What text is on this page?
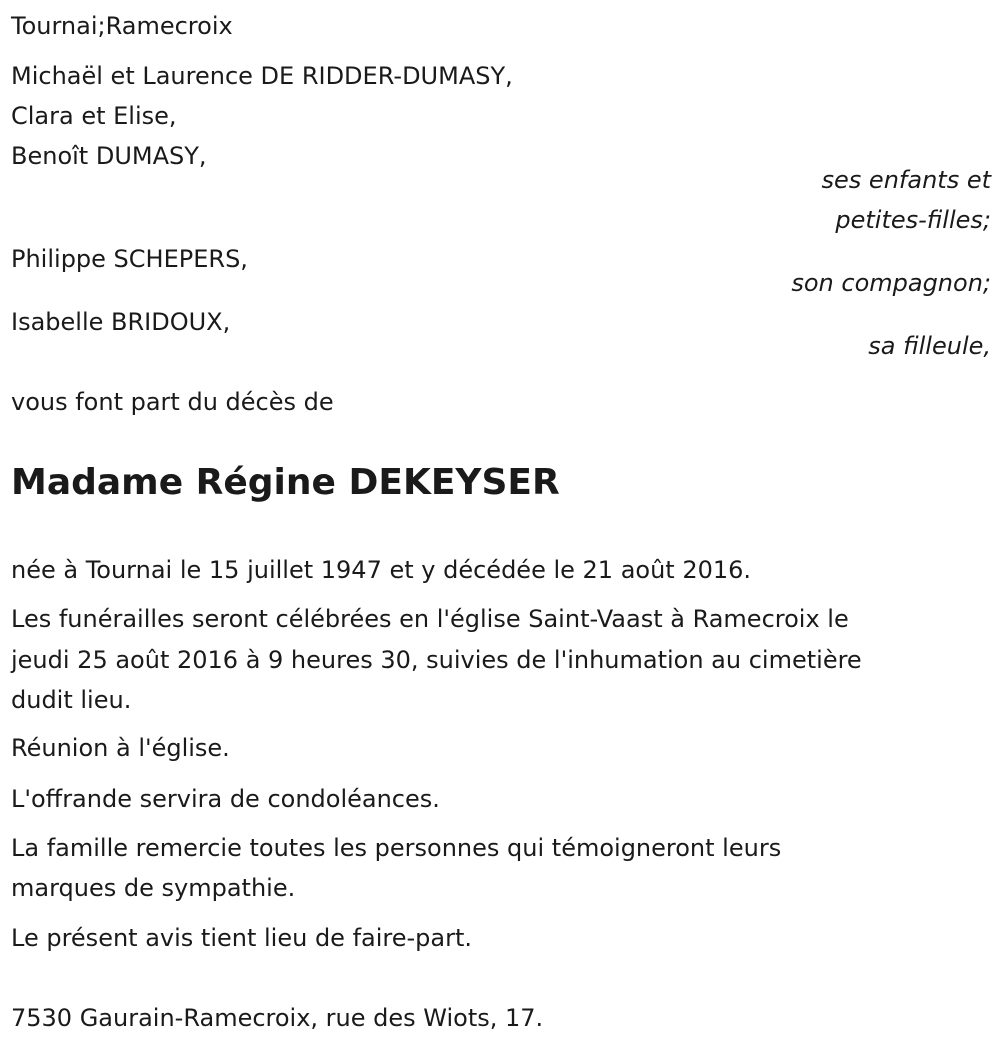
Tournai;Ramecroix
Michaël et Laurence DE RIDDER-DUMASY,
Clara et Elise,
Benoît DUMASY,
ses enfants et
petites-filles;
Philippe SCHEPERS,
son compagnon;
Isabelle BRIDOUX,
sa filleule,
vous font part du décès de
Madame Régine DEKEYSER
née à Tournai le 15 juillet 1947 et y décédée le 21 août 2016.
Les funérailles seront célébrées en l'église Saint-Vaast à Ramecroix le
jeudi 25 août 2016 à 9 heures 30, suivies de l'inhumation au cimetière
dudit lieu.
Réunion à l'église.
L'offrande servira de condoléances.
La famille remercie toutes les personnes qui témoigneront leurs
marques de sympathie.
Le présent avis tient lieu de faire-part.
7530 Gaurain-Ramecroix, rue des Wiots, 17.
